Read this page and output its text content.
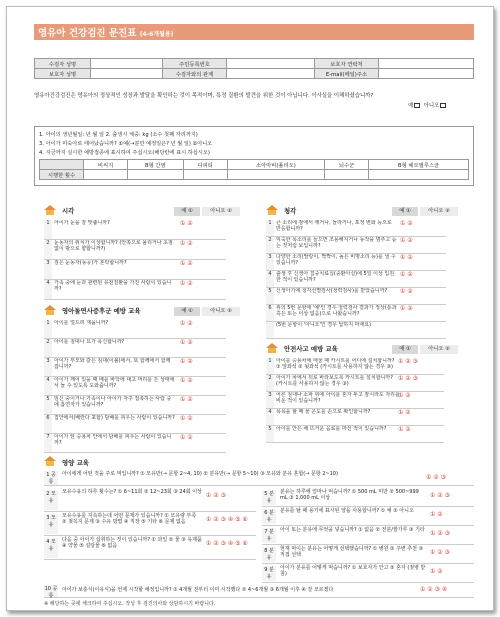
영유아 건강검진 문진표 (4-6개월용)
수검자 성명		주민등록번호		보호자 연락처	
보호자 성명		수검자와의 관계		E-mail(메일)주소	
영유아건강검진은 영유아의 정상적인 성장과 발달을 확인하는 것이 목적이며, 특정 질환의 발견을 위한 것이 아닙니다. 이사실을 이해하셨습니까?
예 아니오
1. 아이의 생년월일: 년 월 일 2. 출생시 체중: kg (소수 첫째 자리까지)
3. 아이가 미숙아로 태어났습니까? ①예(→분만 예정일은? 년 월 일) ②아니오
4. 지금까지 실시한 예방접종에 표시하여 주십시오(해당란에 표시 하십시오)
	비씨지	B형 간염	디피티	소아마비(폴리오)	뇌수군	B형 헤모필루스균
시행한 횟수						
시각	예 ①	아니오 ②
1 아이가 눈을 잘 맞춥니까?	① ②
2 눈동자의 위치가 이상합니까? (안쪽으로 몰리거나 초점 없이 밖으로 향합니까?)
① ②
3 검은 눈동자(동공)가 혼탁합니까?	① ②
4 가족 중에 눈과 관련된 유전질환을 가진 사람이 있습니까?
① ②
청각	예 ①	아니오 ②
1 큰 소리에 잠에서 깨거나, 놀라거나, 포정 변화 등으로 반응합니까?
① ②
2 익숙한 목소리를 들으면 조용해지거나 동작을 멈추고 듣는 것처럼 보입니까?
① ②
3 다양한 소리(딸랑이, 짝짝이, 높은 비명소리 등)를 낼 수 있습니까?
① ②
4 출생 후 신생아 집중치료실(중환아실)에 5일 이상 입원한 적이 있습니까?
① ②
5 신생아기에 청각선별검사(청력검사)를 받았습니까?	① ②
6 위의 5번 문항에 '예'인 경우 청력검사 결과가 정상(통과 혹은 또는 이상 없음)으로 나왔습니까?
① ②
(5번 문항이 '아니오'인 경우 답하지 마세요)
영아돌연사증후군 예방 교육	예 ①	아니오 ②
1 아이를 엎드려 재웁니까?	① ②
2 아이를 침대나 요가 푹신합니까?	① ②
3 아이가 부모와 같은 침대(이불)에서, 또 함께에서 함께 잡니까?
① ②
4 아이가 깨어 있을 때 배를 바닥에 대고 머리를 든 상태에서 놀 수 있도록 도와줍니까?
① ②
5 임신 중이거나 가족이나 아이가 자주 접촉하는 사람 중에 흡연자가 있습니까?
① ②
6 집안에서(베란다 포함) 담배를 피우는 사람이 있습니까? ① ②
7 아이가 탄 승용차 안에서 담배를 피우는 사람이 있습니까?
① ②
안전사고 예방 교육	예 ①	아니오 ②
1 아이를 승용차에 태울 때 카시트를 어디에 설치합니까? ① 앞좌석 ② 뒷좌석 (카시트를 사용하지 않는 경우 ③)
① ② ③
2 아이가 차에서 뒤로 바라보도록 카시트를 설치합니까? (카시트를 사용하지 않는 경우 ③)
① ② ③
3 어른 침대나 소파 위에 아이를 혼자 두고 잠시라도 자리를 비운 적이 있습니까?
① ②
4 목욕을 할 때 물 온도를 손으로 확인합니까?	① ②
5 아이를 안은 채 뜨거운 음료를 마신 적이 있습니까?	① ②
영양 교육
1 공통
아이에게 어떤 것을 주로 먹입니까? ① 모유만(→ 문항 2~4, 10) ② 분유만(→ 문항 5~10) ③ 모유와 분유 혼합(→ 문항 2~10)	① ② ③
2 모유
모유수유의 하루 횟수는? ① 6~11회 ② 12~23회 ③ 24회 이상 ① ② ③
3 모유
모유수유를 지속하는데 어떤 문제가 있습니까? ① 모유량 부족 ② 젖꼭지 문제 ③ 수유 방법 ④ 직장 ⑤ 기타 ⑥ 문제 없음	① ② ③ ④ ⑤ ⑥
4 모유
다음 중 아이가 섭취하는 것이 있습니까? ① 과일 ② 물 ③ 유제품 ④ 약물 ⑤ 설탕물 ⑥ 없음	① ② ③ ④ ⑤ ⑥
5 분유
분유는 하루에 얼마나 먹습니까? ① 500 mL 미만 ② 500~999 mL ③ 1,000 mL 이상	① ② ③
6 분유
분유를 탈 때 용기에 표시된 양을 사용합니까? ① 예 ② 아니오	① ②
7 분유
아이 또는 분유에 무엇을 넣습니까? ① 없음 ② 전분/쌀가루 ③ 기타 ① ② ③
8 분유
현재 먹이는 분유는 어떻게 선택했습니까? ① 병원 ② 주변 추천 ③ 직접 선택	① ② ③
9 분유
아이가 분유를 어떻게 먹습니까? ① 보호자가 안고 ② 혼자 (젖병 받침)	① ②
10 공통
아이가 보충식(이유식)을 언제 시작할 예정입니까? ① 4개월 전부터 이미 시작했다 ② 4~6개월 ③ 6개월 이후 ④ 잘 모르겠다	① ② ③ ④
※ 해당하는 곳에 체크하여 주십시오. 작성 후 검진의사와 상담하시기 바랍니다.
